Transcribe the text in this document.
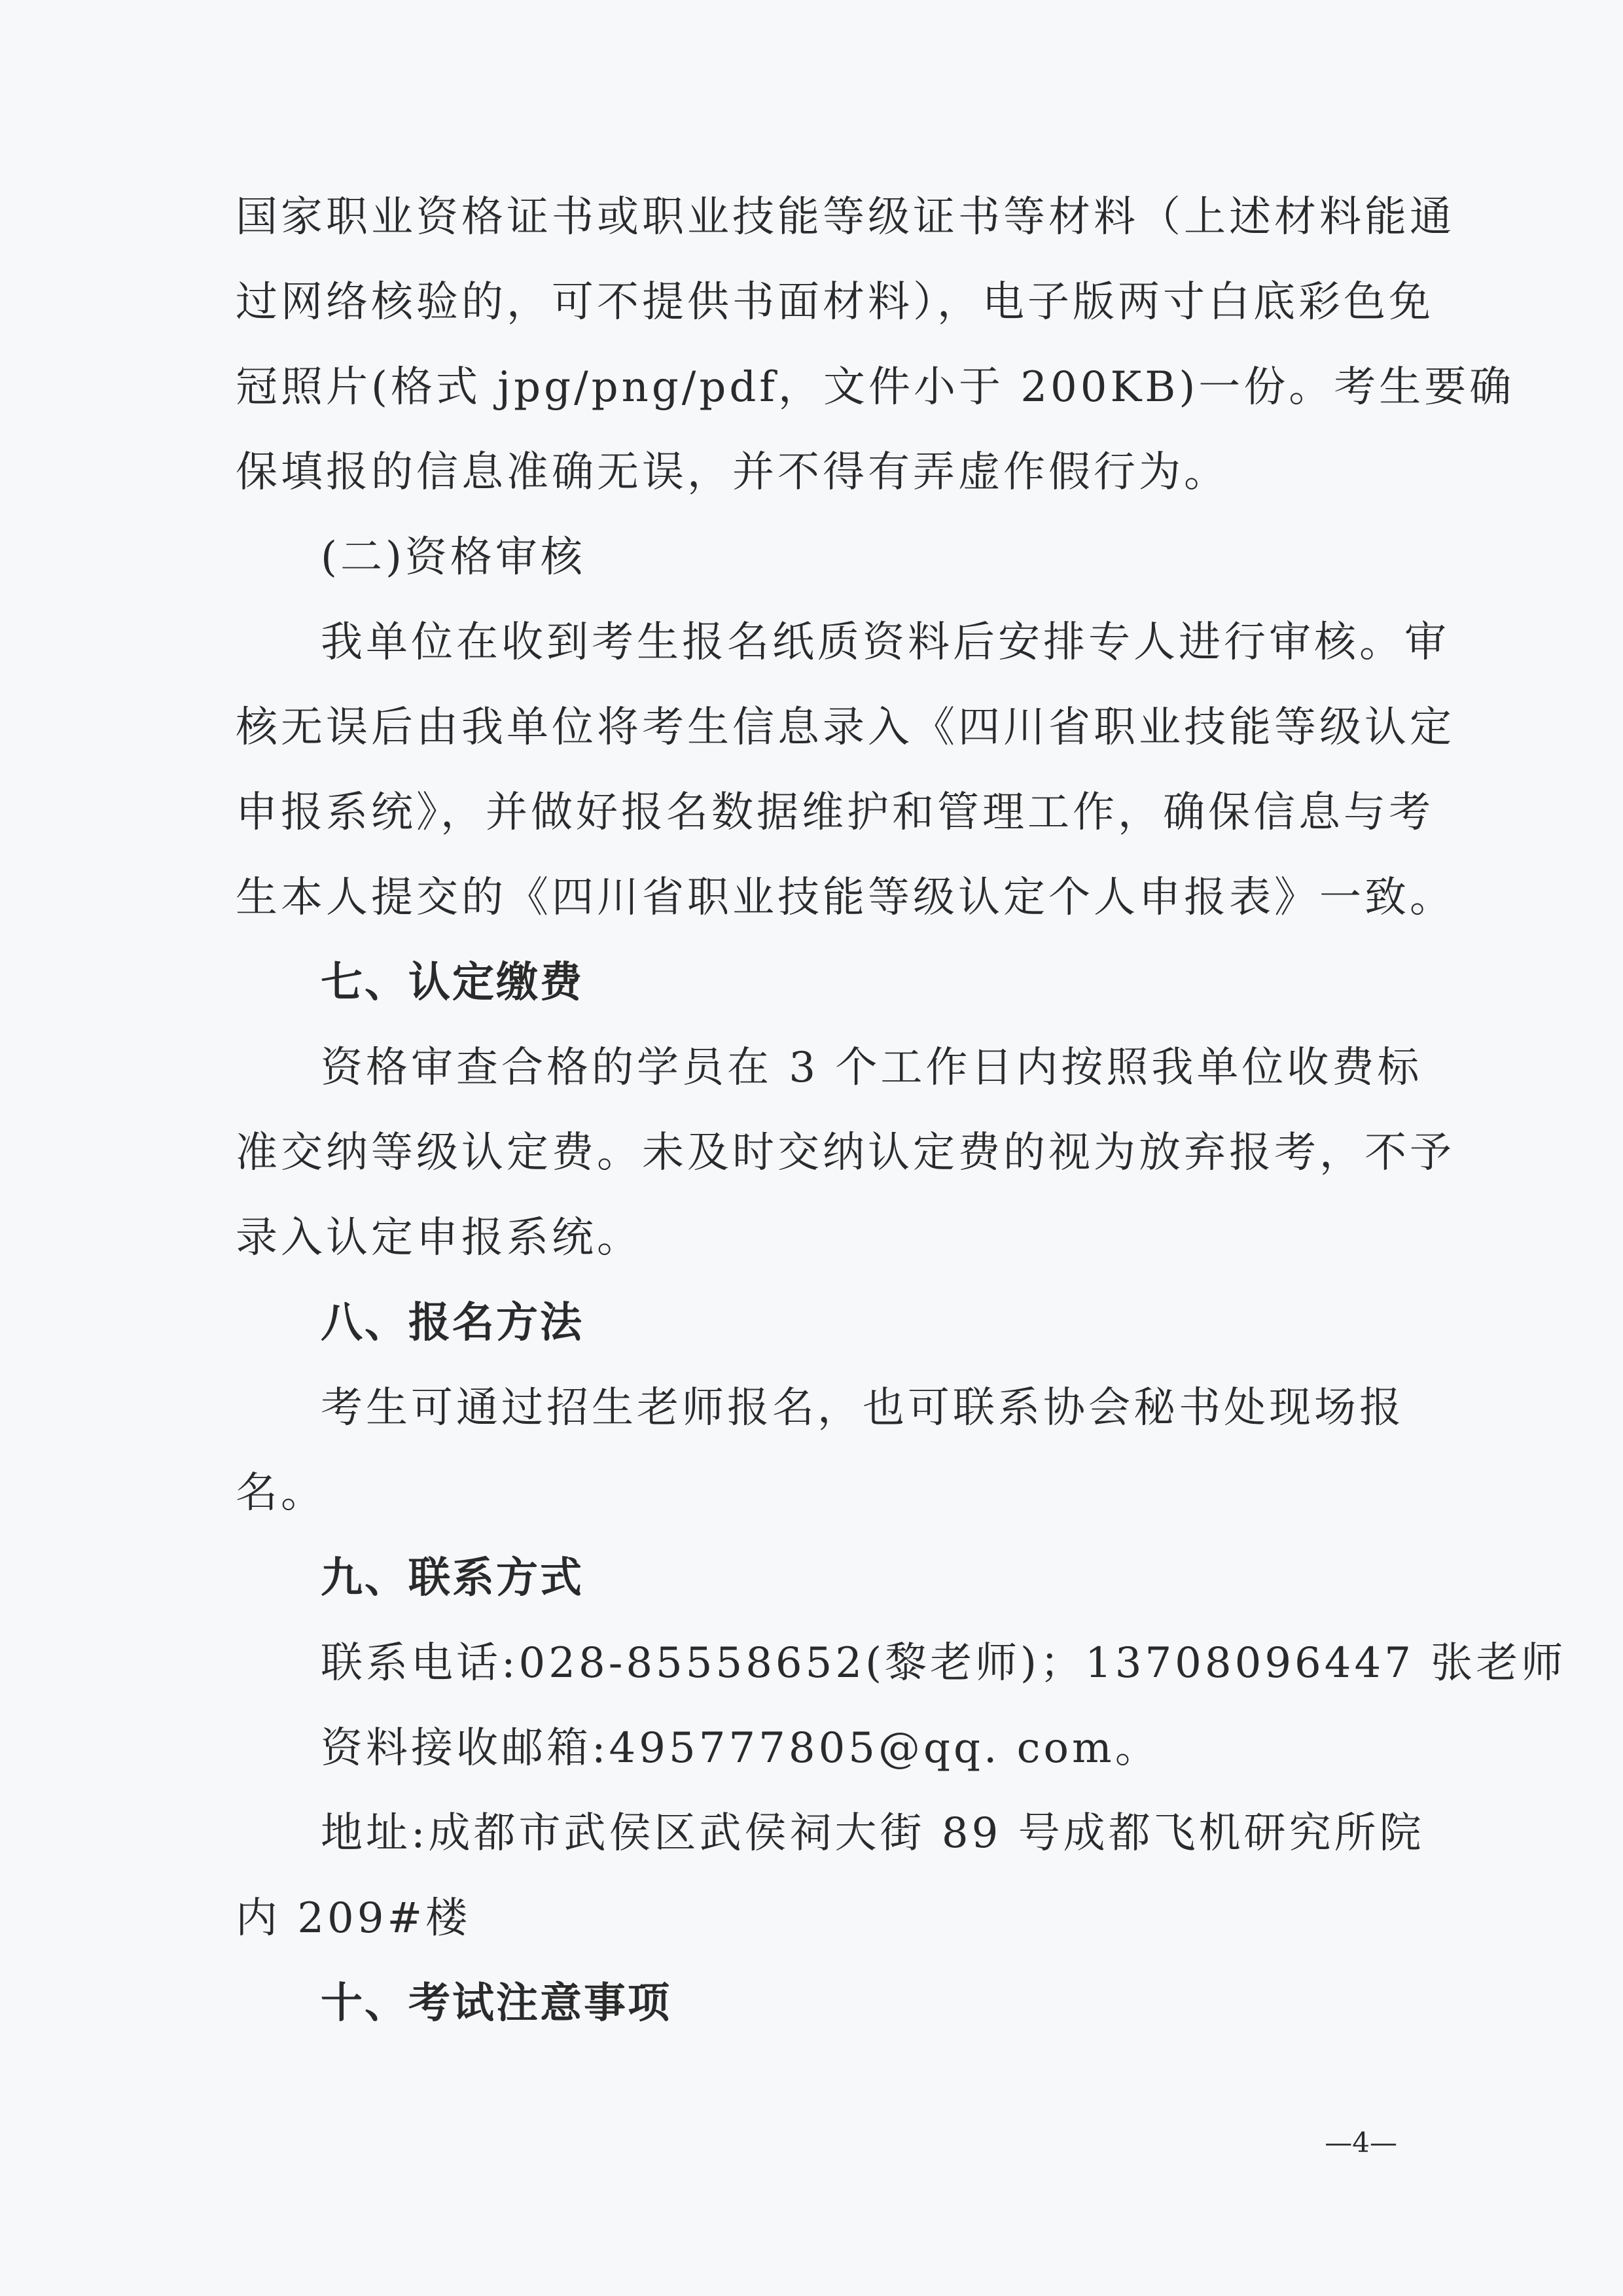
国家职业资格证书或职业技能等级证书等材料（上述材料能通
过网络核验的，可不提供书面材料），电子版两寸白底彩色免
冠照片(格式 jpg/png/pdf，文件小于 200KB)一份。考生要确
保填报的信息准确无误，并不得有弄虚作假行为。
(二)资格审核
我单位在收到考生报名纸质资料后安排专人进行审核。审
核无误后由我单位将考生信息录入《四川省职业技能等级认定
申报系统》，并做好报名数据维护和管理工作，确保信息与考
生本人提交的《四川省职业技能等级认定个人申报表》一致。
七、认定缴费
资格审查合格的学员在 3 个工作日内按照我单位收费标
准交纳等级认定费。未及时交纳认定费的视为放弃报考，不予
录入认定申报系统。
八、报名方法
考生可通过招生老师报名，也可联系协会秘书处现场报
名。
九、联系方式
联系电话:028-85558652(黎老师)；13708096447 张老师
资料接收邮箱:495777805@qq. com。
地址:成都市武侯区武侯祠大街 89 号成都飞机研究所院
内 209#楼
十、考试注意事项
—4—
